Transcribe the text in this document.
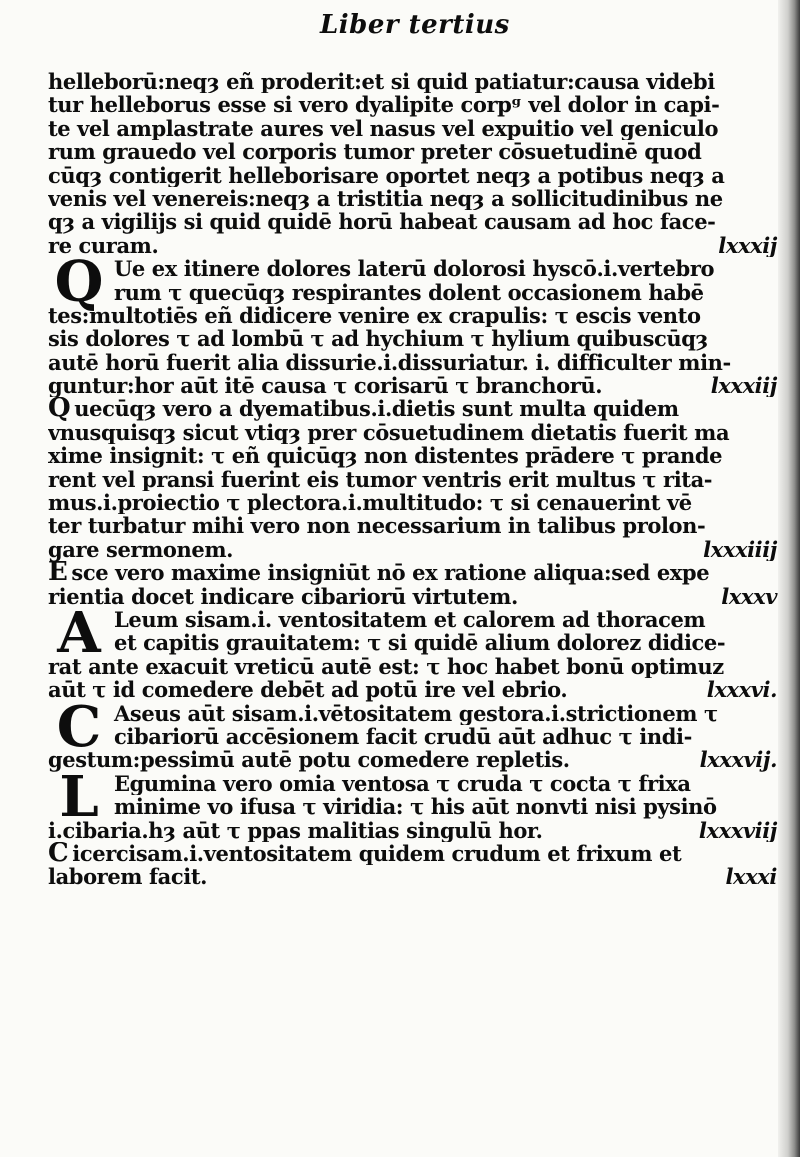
Liber tertius
helleborū:neqȝ eñ proderit:et si quid patiatur:causa videbi
tur helleborus esse si vero dyalipite corpᵍ vel dolor in capi-
te vel amplastrate aures vel nasus vel expuitio vel geniculo
rum grauedo vel corporis tumor preter cōsuetudinē quod
cūqȝ contigerit helleborisare oportet neqȝ a potibus neqȝ a
venis vel venereis:neqȝ a tristitia neqȝ a sollicitudinibus ne
qȝ a vigilijs si quid quidē horū habeat causam ad hoc face-
re curam.	lxxxij
Q Ue ex itinere dolores laterū dolorosi hyscō.i.vertebro
rum τ quecūqȝ respirantes dolent occasionem habē
tes:multotiēs eñ didicere venire ex crapulis: τ escis vento
sis dolores τ ad lombū τ ad hychium τ hylium quibuscūqȝ
autē horū fuerit alia dissurie.i.dissuriatur. i. difficulter min-
guntur:hor aūt itē causa τ corisarū τ branchorū.	lxxxiij
Q uecūqȝ vero a dyematibus.i.dietis sunt multa quidem
vnusquisqȝ sicut vtiqȝ prer cōsuetudinem dietatis fuerit ma
xime insignit: τ eñ quicūqȝ non distentes prādere τ prande
rent vel pransi fuerint eis tumor ventris erit multus τ rita-
mus.i.proiectio τ plectora.i.multitudo: τ si cenauerint vē
ter turbatur mihi vero non necessarium in talibus prolon-
gare sermonem.	lxxxiiij
E sce vero maxime insigniūt nō ex ratione aliqua:sed expe
rientia docet indicare cibariorū virtutem.	lxxxv
A Leum sisam.i. ventositatem et calorem ad thoracem
et capitis grauitatem: τ si quidē alium dolorez didice-
rat ante exacuit vreticū autē est: τ hoc habet bonū optimuz
aūt τ id comedere debēt ad potū ire vel ebrio.	lxxxvi.
C Aseus aūt sisam.i.vētositatem gestora.i.strictionem τ
cibariorū accēsionem facit crudū aūt adhuc τ indi-
gestum:pessimū autē potu comedere repletis.	lxxxvij.
L Egumina vero omia ventosa τ cruda τ cocta τ frixa
minime vo ifusa τ viridia: τ his aūt nonvti nisi pysinō
i.cibaria.hȝ aūt τ ppas malitias singulū hor.	lxxxviij
C icercisam.i.ventositatem quidem crudum et frixum et
laborem facit.	lxxxi
